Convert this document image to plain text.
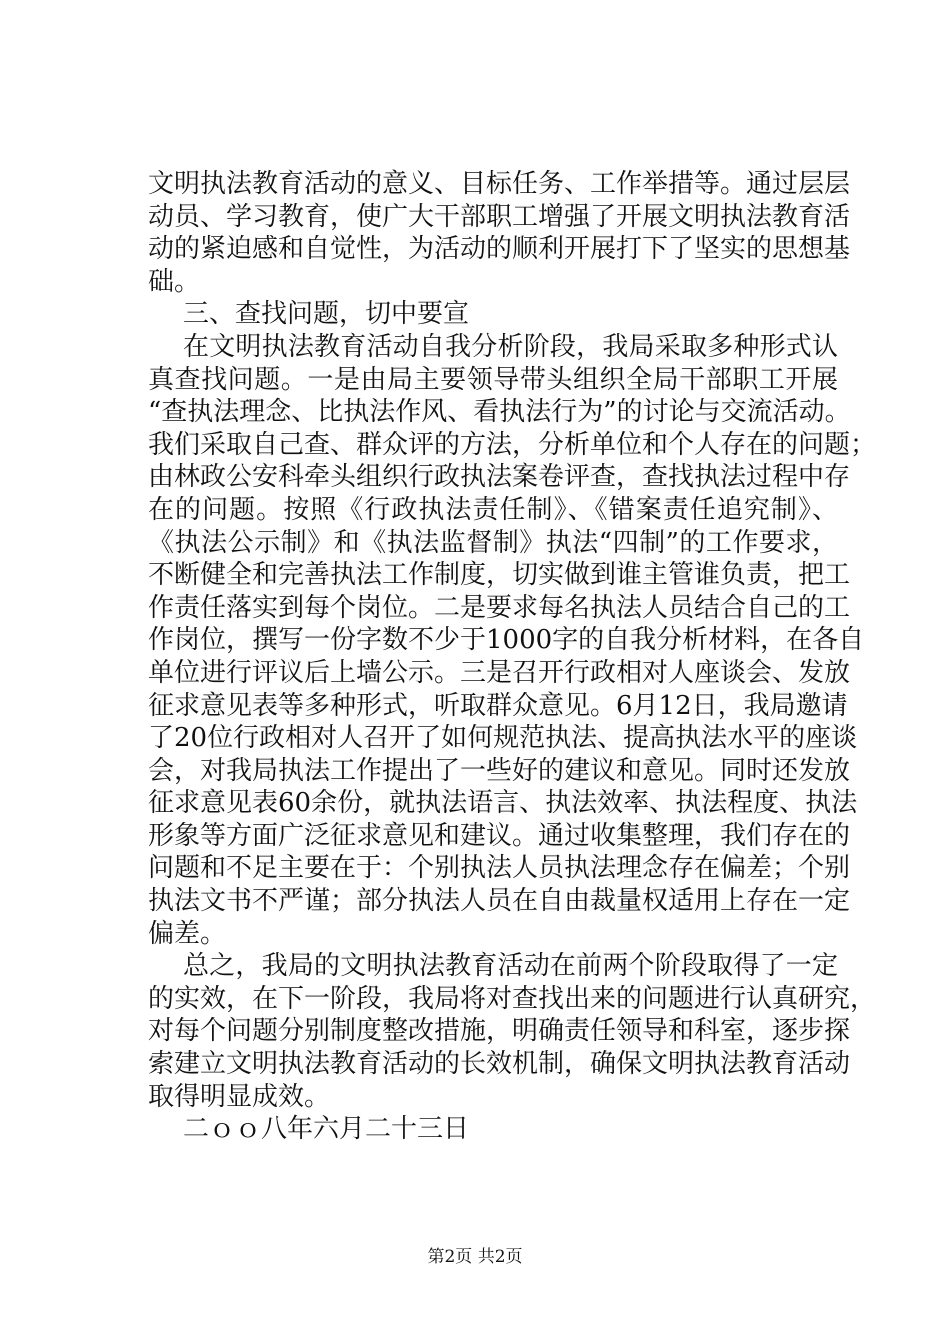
文明执法教育活动的意义、目标任务、工作举措等。通过层层
动员、学习教育，使广大干部职工增强了开展文明执法教育活
动的紧迫感和自觉性，为活动的顺利开展打下了坚实的思想基
础。
三、查找问题，切中要宣
在文明执法教育活动自我分析阶段，我局采取多种形式认
真查找问题。一是由局主要领导带头组织全局干部职工开展
“查执法理念、比执法作风、看执法行为”的讨论与交流活动。
我们采取自己查、群众评的方法，分析单位和个人存在的问题；
由林政公安科牵头组织行政执法案卷评查，查找执法过程中存
在的问题。按照《行政执法责任制》、《错案责任追究制》、
《执法公示制》和《执法监督制》执法“四制”的工作要求，
不断健全和完善执法工作制度，切实做到谁主管谁负责，把工
作责任落实到每个岗位。二是要求每名执法人员结合自己的工
作岗位，撰写一份字数不少于1000字的自我分析材料，在各自
单位进行评议后上墙公示。三是召开行政相对人座谈会、发放
征求意见表等多种形式，听取群众意见。6月12日，我局邀请
了20位行政相对人召开了如何规范执法、提高执法水平的座谈
会，对我局执法工作提出了一些好的建议和意见。同时还发放
征求意见表60余份，就执法语言、执法效率、执法程度、执法
形象等方面广泛征求意见和建议。通过收集整理，我们存在的
问题和不足主要在于：个别执法人员执法理念存在偏差；个别
执法文书不严谨；部分执法人员在自由裁量权适用上存在一定
偏差。
总之，我局的文明执法教育活动在前两个阶段取得了一定
的实效，在下一阶段，我局将对查找出来的问题进行认真研究，
对每个问题分别制度整改措施，明确责任领导和科室，逐步探
索建立文明执法教育活动的长效机制，确保文明执法教育活动
取得明显成效。
二ｏｏ八年六月二十三日
第2页 共2页
